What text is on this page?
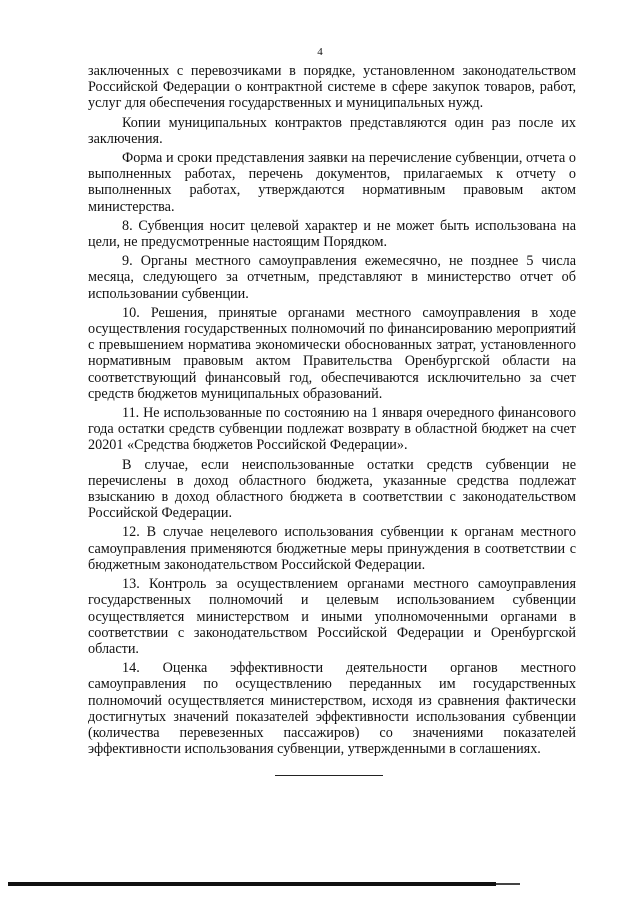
4

заключенных с перевозчиками в порядке, установленном законодательством Российской Федерации о контрактной системе в сфере закупок товаров, работ, услуг для обеспечения государственных и муниципальных нужд.

Копии муниципальных контрактов представляются один раз после их заключения.

Форма и сроки представления заявки на перечисление субвенции, отчета о выполненных работах, перечень документов, прилагаемых к отчету о выполненных работах, утверждаются нормативным правовым актом министерства.

8. Субвенция носит целевой характер и не может быть использована на цели, не предусмотренные настоящим Порядком.

9. Органы местного самоуправления ежемесячно, не позднее 5 числа месяца, следующего за отчетным, представляют в министерство отчет об использовании субвенции.

10. Решения, принятые органами местного самоуправления в ходе осуществления государственных полномочий по финансированию мероприятий с превышением норматива экономически обоснованных затрат, установленного нормативным правовым актом Правительства Оренбургской области на соответствующий финансовый год, обеспечиваются исключительно за счет средств бюджетов муниципальных образований.

11. Не использованные по состоянию на 1 января очередного финансового года остатки средств субвенции подлежат возврату в областной бюджет на счет 20201 «Средства бюджетов Российской Федерации».

В случае, если неиспользованные остатки средств субвенции не перечислены в доход областного бюджета, указанные средства подлежат взысканию в доход областного бюджета в соответствии с законодательством Российской Федерации.

12. В случае нецелевого использования субвенции к органам местного самоуправления применяются бюджетные меры принуждения в соответствии с бюджетным законодательством Российской Федерации.

13. Контроль за осуществлением органами местного самоуправления государственных полномочий и целевым использованием субвенции осуществляется министерством и иными уполномоченными органами в соответствии с законодательством Российской Федерации и Оренбургской области.

14. Оценка эффективности деятельности органов местного самоуправления по осуществлению переданных им государственных полномочий осуществляется министерством, исходя из сравнения фактически достигнутых значений показателей эффективности использования субвенции (количества перевезенных пассажиров) со значениями показателей эффективности использования субвенции, утвержденными в соглашениях.
